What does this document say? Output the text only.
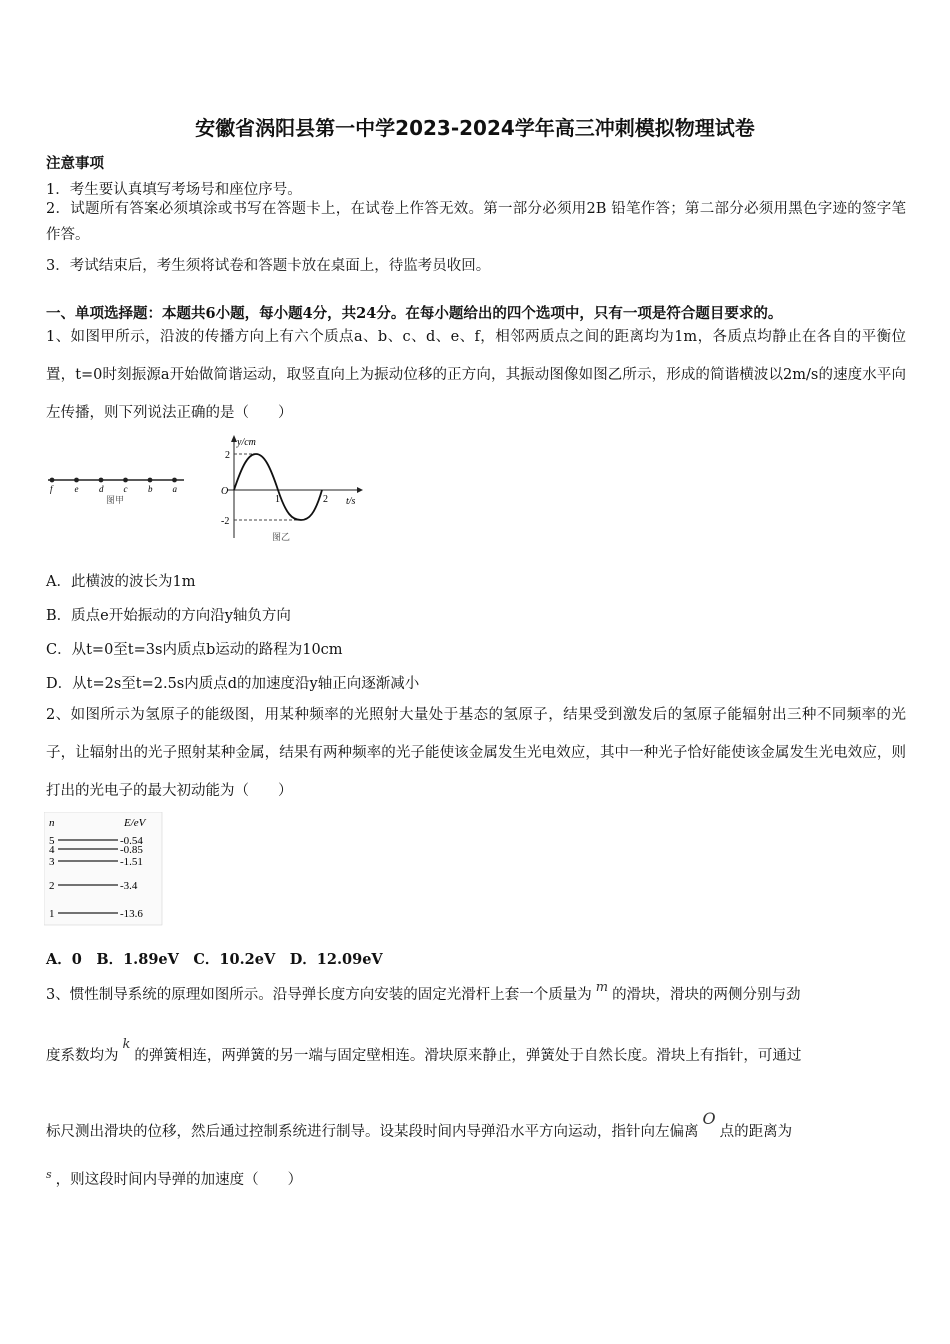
安徽省涡阳县第一中学2023-2024学年高三冲刺模拟物理试卷
注意事项
1．考生要认真填写考场号和座位序号。
2．试题所有答案必须填涂或书写在答题卡上，在试卷上作答无效。第一部分必须用2B 铅笔作答；第二部分必须用黑色字迹的签字笔作答。
3．考试结束后，考生须将试卷和答题卡放在桌面上，待监考员收回。
一、单项选择题：本题共6小题，每小题4分，共24分。在每小题给出的四个选项中，只有一项是符合题目要求的。
1、如图甲所示，沿波的传播方向上有六个质点a、b、c、d、e、f，相邻两质点之间的距离均为1m，各质点均静止在各自的平衡位置，t=0时刻振源a开始做简谐运动，取竖直向上为振动位移的正方向，其振动图像如图乙所示，形成的简谐横波以2m/s的速度水平向左传播，则下列说法正确的是（　　）
f e d c b a
图甲
y/cm
t/s
O
2
-2
1	2
图乙
A．此横波的波长为1m
B．质点e开始振动的方向沿y轴负方向
C．从t=0至t=3s内质点b运动的路程为10cm
D．从t=2s至t=2.5s内质点d的加速度沿y轴正向逐渐减小
2、如图所示为氢原子的能级图，用某种频率的光照射大量处于基态的氢原子，结果受到激发后的氢原子能辐射出三种不同频率的光子，让辐射出的光子照射某种金属，结果有两种频率的光子能使该金属发生光电效应，其中一种光子恰好能使该金属发生光电效应，则打出的光电子的最大初动能为（　　）
n	E/eV
5	-0.54
4	-0.85
3	-1.51
2	-3.4
1	-13.6
A．0　B．1.89eV　C．10.2eV　D．12.09eV
3、惯性制导系统的原理如图所示。沿导弹长度方向安装的固定光滑杆上套一个质量为 m 的滑块，滑块的两侧分别与劲
度系数均为k的弹簧相连，两弹簧的另一端与固定壁相连。滑块原来静止，弹簧处于自然长度。滑块上有指针，可通过
标尺测出滑块的位移，然后通过控制系统进行制导。设某段时间内导弹沿水平方向运动，指针向左偏离O点的距离为
$^s$ ，则这段时间内导弹的加速度（　　）
